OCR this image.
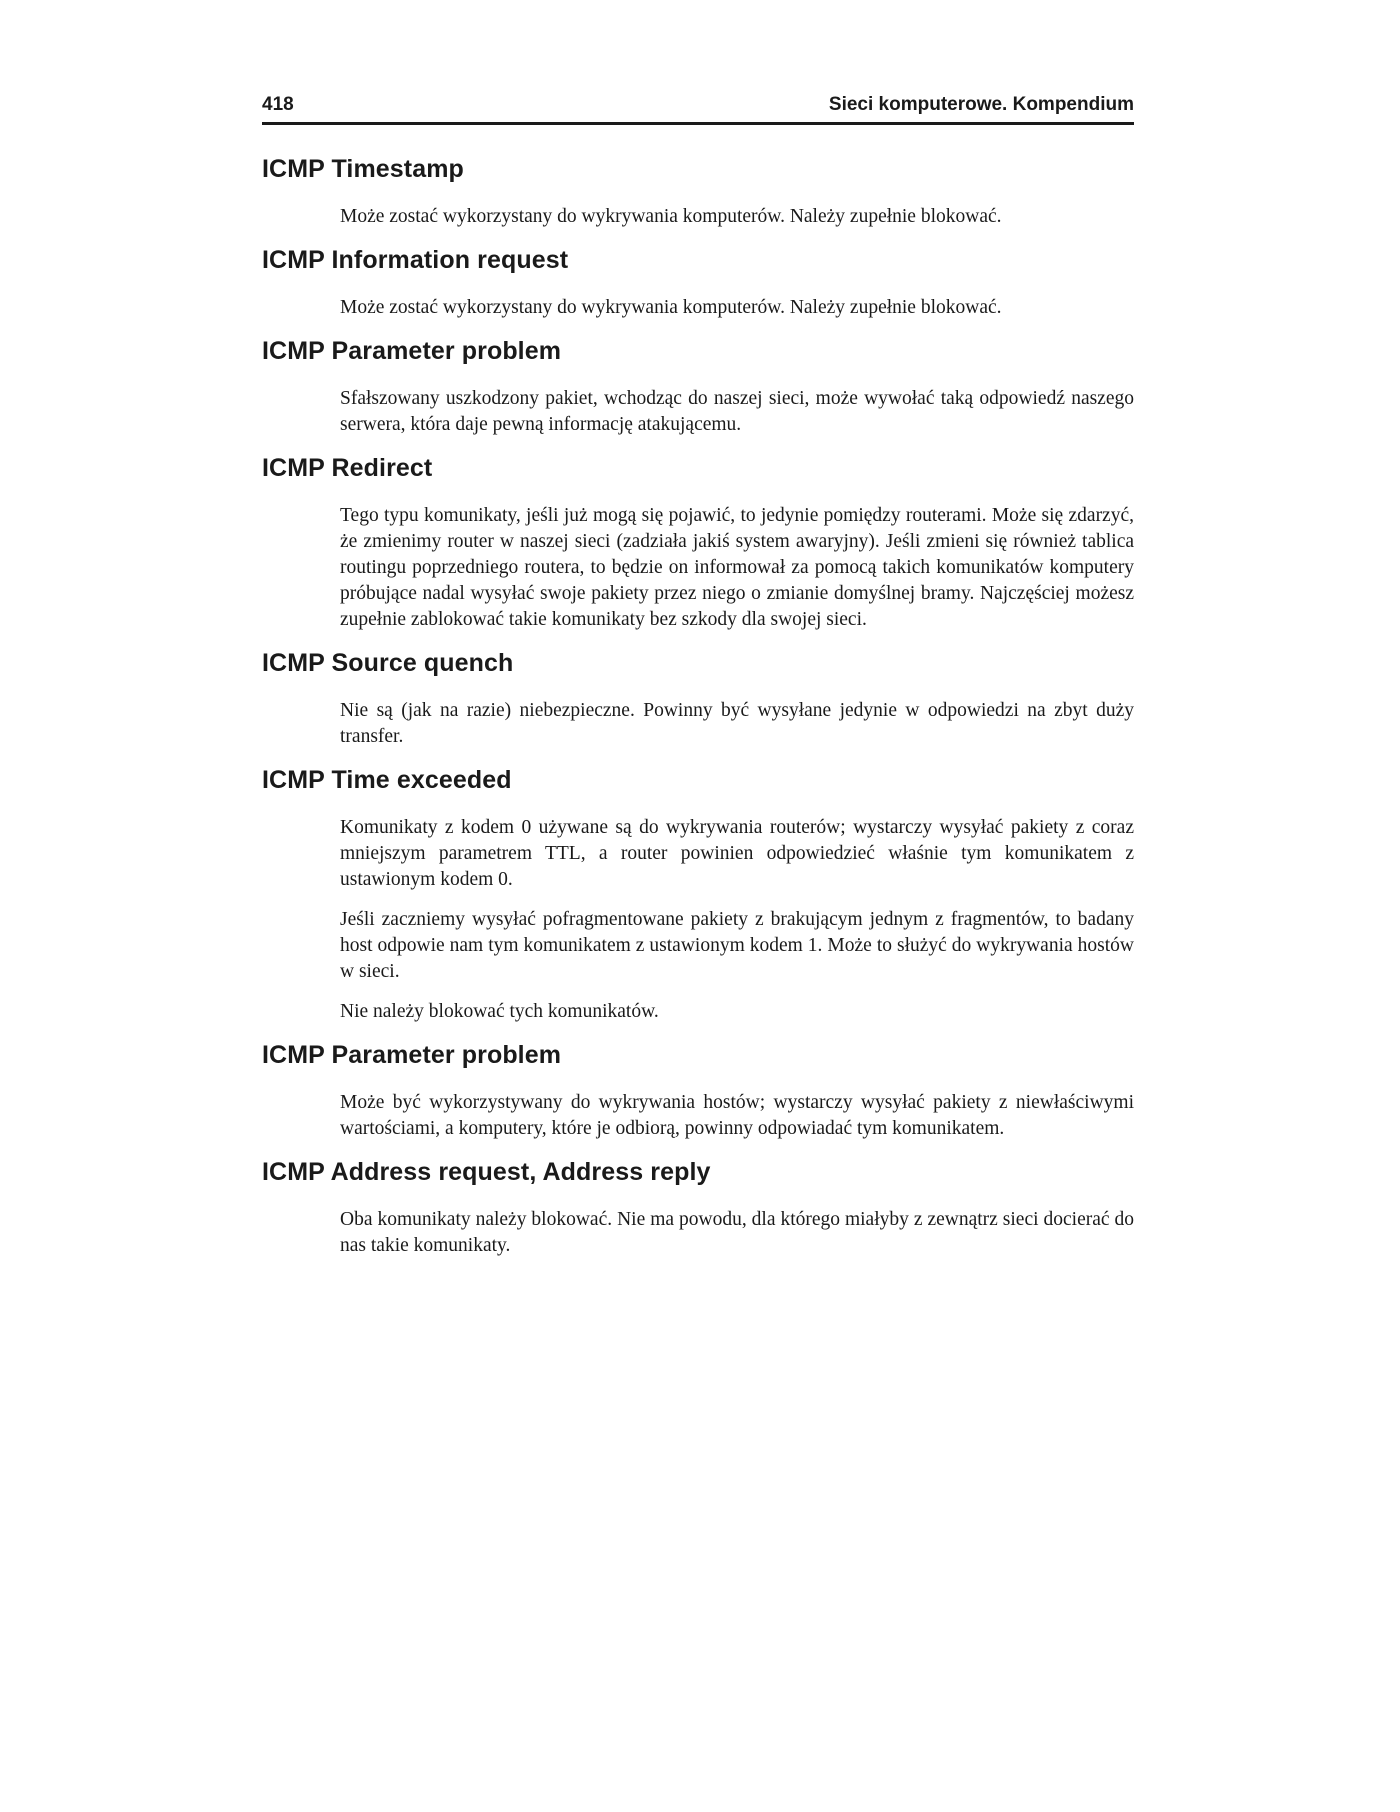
418	Sieci komputerowe. Kompendium
ICMP Timestamp

Może zostać wykorzystany do wykrywania komputerów. Należy zupełnie blokować.

ICMP Information request

Może zostać wykorzystany do wykrywania komputerów. Należy zupełnie blokować.

ICMP Parameter problem

Sfałszowany uszkodzony pakiet, wchodząc do naszej sieci, może wywołać taką odpowiedź naszego serwera, która daje pewną informację atakującemu.

ICMP Redirect

Tego typu komunikaty, jeśli już mogą się pojawić, to jedynie pomiędzy routerami. Może się zdarzyć, że zmienimy router w naszej sieci (zadziała jakiś system awaryjny). Jeśli zmieni się również tablica routingu poprzedniego routera, to będzie on informował za pomocą takich komunikatów komputery próbujące nadal wysyłać swoje pakiety przez niego o zmianie domyślnej bramy. Najczęściej możesz zupełnie zablokować takie komunikaty bez szkody dla swojej sieci.

ICMP Source quench

Nie są (jak na razie) niebezpieczne. Powinny być wysyłane jedynie w odpowiedzi na zbyt duży transfer.

ICMP Time exceeded

Komunikaty z kodem 0 używane są do wykrywania routerów; wystarczy wysyłać pakiety z coraz mniejszym parametrem TTL, a router powinien odpowiedzieć właśnie tym komunikatem z ustawionym kodem 0.

Jeśli zaczniemy wysyłać pofragmentowane pakiety z brakującym jednym z fragmentów, to badany host odpowie nam tym komunikatem z ustawionym kodem 1. Może to służyć do wykrywania hostów w sieci.

Nie należy blokować tych komunikatów.

ICMP Parameter problem

Może być wykorzystywany do wykrywania hostów; wystarczy wysyłać pakiety z niewłaściwymi wartościami, a komputery, które je odbiorą, powinny odpowiadać tym komunikatem.

ICMP Address request, Address reply

Oba komunikaty należy blokować. Nie ma powodu, dla którego miałyby z zewnątrz sieci docierać do nas takie komunikaty.
